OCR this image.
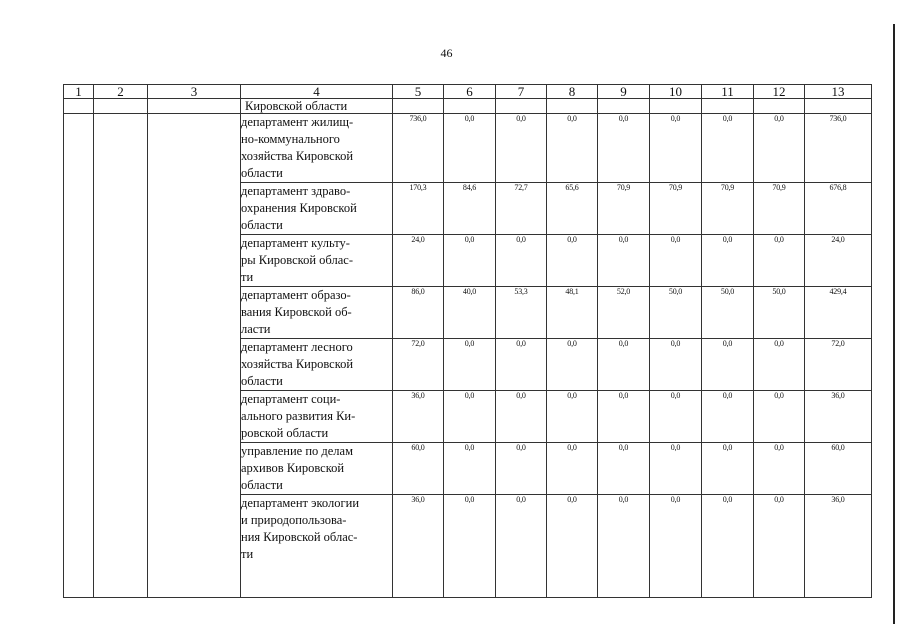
46
1	2	3	4	5	6	7	8	9	10	11	12	13
			Кировской области									

			департамент жилищ-
но-коммунального
хозяйства Кировской
области	736,0	0,0	0,0	0,0	0,0	0,0	0,0	0,0	736,0

			департамент здраво-
охранения Кировской
области	170,3	84,6	72,7	65,6	70,9	70,9	70,9	70,9	676,8

			департамент культу-
ры Кировской облас-
ти	24,0	0,0	0,0	0,0	0,0	0,0	0,0	0,0	24,0

			департамент образо-
вания Кировской об-
ласти	86,0	40,0	53,3	48,1	52,0	50,0	50,0	50,0	429,4

			департамент лесного
хозяйства Кировской
области	72,0	0,0	0,0	0,0	0,0	0,0	0,0	0,0	72,0

			департамент соци-
ального развития Ки-
ровской области	36,0	0,0	0,0	0,0	0,0	0,0	0,0	0,0	36,0

			управление по делам
архивов Кировской
области	60,0	0,0	0,0	0,0	0,0	0,0	0,0	0,0	60,0

			департамент экологии
и природопользова-
ния Кировской облас-
ти	36,0	0,0	0,0	0,0	0,0	0,0	0,0	0,0	36,0
